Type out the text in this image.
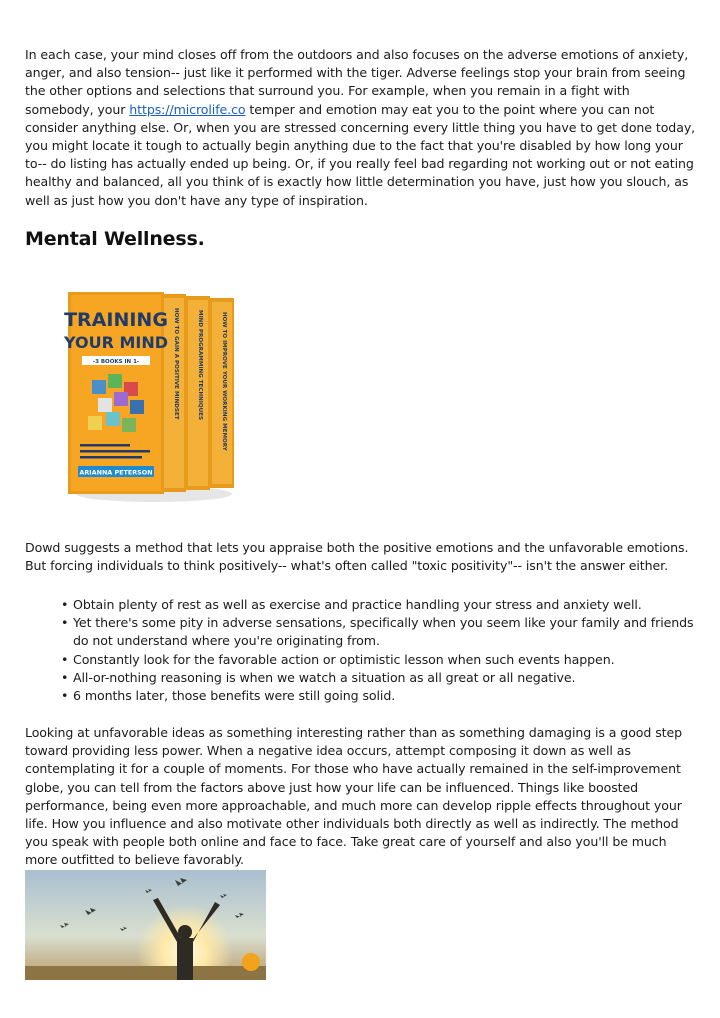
In each case, your mind closes off from the outdoors and also focuses on the adverse emotions of anxiety, anger, and also tension-- just like it performed with the tiger. Adverse feelings stop your brain from seeing the other options and selections that surround you. For example, when you remain in a fight with somebody, your https://microlife.co temper and emotion may eat you to the point where you can not consider anything else. Or, when you are stressed concerning every little thing you have to get done today, you might locate it tough to actually begin anything due to the fact that you're disabled by how long your to-- do listing has actually ended up being. Or, if you really feel bad regarding not working out or not eating healthy and balanced, all you think of is exactly how little determination you have, just how you slouch, as well as just how you don't have any type of inspiration.

Mental Wellness.
HOW TO IMPROVE YOUR WORKING MEMORY
MIND PROGRAMMING TECHNIQUES
HOW TO GAIN A POSITIVE MINDSET
TRAINING
YOUR MIND
-3 BOOKS IN 1-
ARIANNA PETERSON

Dowd suggests a method that lets you appraise both the positive emotions and the unfavorable emotions. But forcing individuals to think positively-- what's often called "toxic positivity"-- isn't the answer either.

• Obtain plenty of rest as well as exercise and practice handling your stress and anxiety well.
• Yet there's some pity in adverse sensations, specifically when you seem like your family and friends do not understand where you're originating from.
• Constantly look for the favorable action or optimistic lesson when such events happen.
• All-or-nothing reasoning is when we watch a situation as all great or all negative.
• 6 months later, those benefits were still going solid.

Looking at unfavorable ideas as something interesting rather than as something damaging is a good step toward providing less power. When a negative idea occurs, attempt composing it down as well as contemplating it for a couple of moments. For those who have actually remained in the self-improvement globe, you can tell from the factors above just how your life can be influenced. Things like boosted performance, being even more approachable, and much more can develop ripple effects throughout your life. How you influence and also motivate other individuals both directly as well as indirectly. The method you speak with people both online and face to face. Take great care of yourself and also you'll be much more outfitted to believe favorably.
